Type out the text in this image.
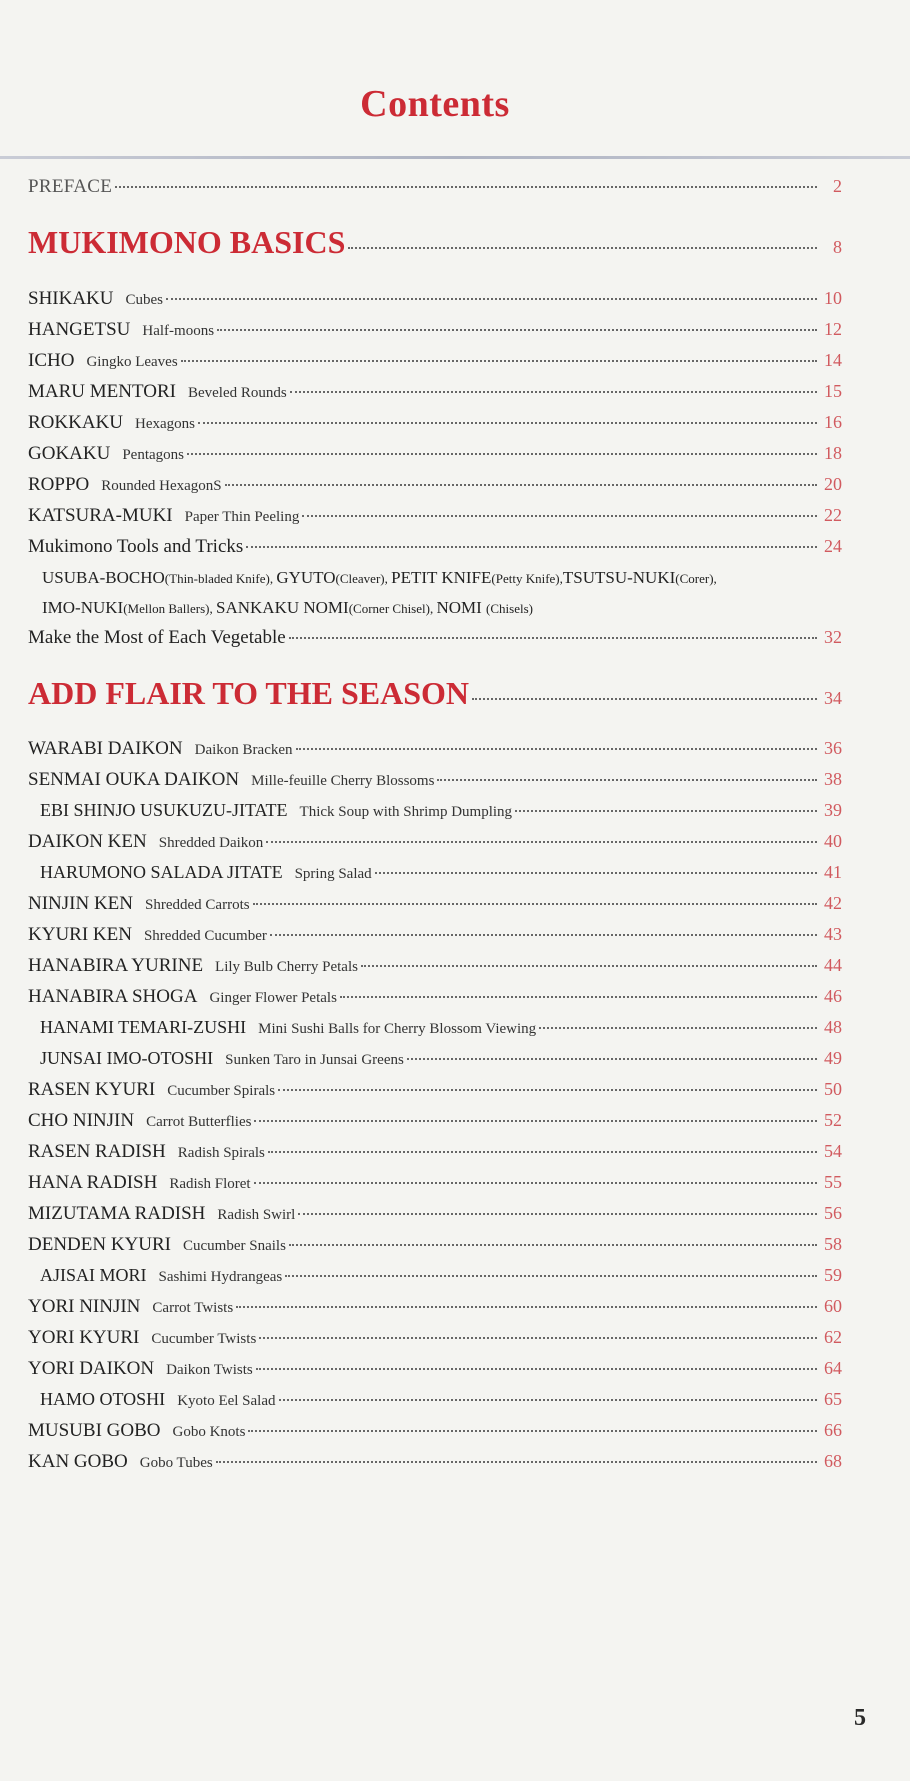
Contents
PREFACE	2
MUKIMONO BASICS	8
SHIKAKU Cubes	10
HANGETSU Half-moons	12
ICHO Gingko Leaves	14
MARU MENTORI Beveled Rounds	15
ROKKAKU Hexagons	16
GOKAKU Pentagons	18
ROPPO Rounded HexagonS	20
KATSURA-MUKI Paper Thin Peeling	22
Mukimono Tools and Tricks	24
USUBA-BOCHO(Thin-bladed Knife), GYUTO(Cleaver), PETIT KNIFE(Petty Knife),TSUTSU-NUKI(Corer),
IMO-NUKI(Mellon Ballers), SANKAKU NOMI(Corner Chisel), NOMI (Chisels)
Make the Most of Each Vegetable	32
ADD FLAIR TO THE SEASON	34
WARABI DAIKON Daikon Bracken	36
SENMAI OUKA DAIKON Mille-feuille Cherry Blossoms	38
EBI SHINJO USUKUZU-JITATE Thick Soup with Shrimp Dumpling	39
DAIKON KEN Shredded Daikon	40
HARUMONO SALADA JITATE Spring Salad	41
NINJIN KEN Shredded Carrots	42
KYURI KEN Shredded Cucumber	43
HANABIRA YURINE Lily Bulb Cherry Petals	44
HANABIRA SHOGA Ginger Flower Petals	46
HANAMI TEMARI-ZUSHI Mini Sushi Balls for Cherry Blossom Viewing	48
JUNSAI IMO-OTOSHI Sunken Taro in Junsai Greens	49
RASEN KYURI Cucumber Spirals	50
CHO NINJIN Carrot Butterflies	52
RASEN RADISH Radish Spirals	54
HANA RADISH Radish Floret	55
MIZUTAMA RADISH Radish Swirl	56
DENDEN KYURI Cucumber Snails	58
AJISAI MORI Sashimi Hydrangeas	59
YORI NINJIN Carrot Twists	60
YORI KYURI Cucumber Twists	62
YORI DAIKON Daikon Twists	64
HAMO OTOSHI Kyoto Eel Salad	65
MUSUBI GOBO Gobo Knots	66
KAN GOBO Gobo Tubes	68
5
